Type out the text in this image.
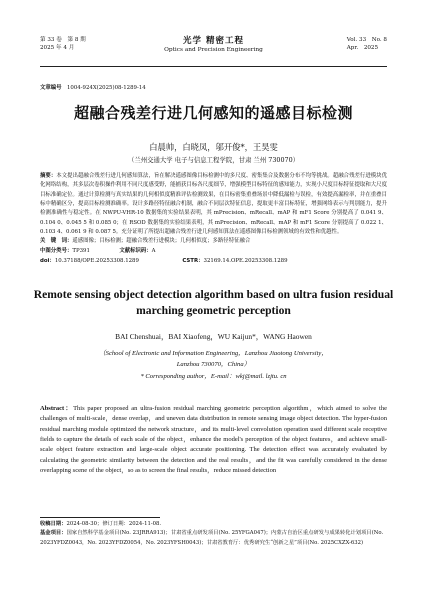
第 33 卷　第 8 期
2025 年 4 月
光学 精密工程
Optics and Precision Engineering
Vol. 33　No. 8
Apr.　2025
文章编号　 1004-924X(2025)08-1289-14
超融合残差行进几何感知的遥感目标检测
白晨帅，白晓凤，邬开俊*，王昊雯
（兰州交通大学 电子与信息工程学院，甘肃 兰州 730070）
摘要：本文提出超融合残差行进几何感知算法，旨在解决遥感图像目标检测中的多尺度、密集集合及数据分布不均等挑战。超融合残差行进模块优化网络结构，其多层次卷积操作利用不同尺度感受野，能捕获目标各尺度细节，增强模型目标特征的感知能力，实现小尺度目标特征提取和大尺度目标准确定位。通过计算检测与真实结果的几何相似度精准评估检测效果，在目标密集重叠场景中降低漏检与误检，有效提高漏检率，并在重叠目标中精确区分，提高目标检测准确率。设计多路径特征融合机制，融合不同层次特征信息，提取更丰富目标特征，增强网络表示与判别能力，提升检测准确性与稳定性。在 NWPU-VHR-10 数据集的实验结果表明，其 mPrecision、mRecall、mAP 和 mF1 Score 分别提高了 0.041 9、0.104 0、0.045 5 和 0.085 0；在 RSOD 数据集的实验结果表明，其 mPrecision、mRecall、mAP 和 mF1 Score 分别提高了 0.022 1、0.103 4、0.061 9 和 0.087 5。充分证明了所提出超融合残差行进几何感知算法在遥感图像目标检测领域的有效性和优越性。
关　键　词：遥感图像；目标检测；超融合残差行进模块；几何相似度；多路径特征融合
中图分类号：TP391	文献标识码：A
doi：10.37188/OPE.20253308.1289	CSTR：32169.14.OPE.20253308.1289
Remote sensing object detection algorithm based on ultra fusion residual marching geometric perception
BAI Chenshuai，BAI Xiaofeng，WU Kaijun*，WANG Haowen
（School of Electronic and Information Engineering，Lanzhou Jiaotong University，
Lanzhou 730070，China）
* Corresponding author，E-mail：wkj@mail. lzjtu. cn
Abstract：This paper proposed an ultra-fusion residual marching geometric perception algorithm，which aimed to solve the challenges of multi-scale，dense overlap，and uneven data distribution in remote sensing image object detection. The hyper-fusion residual marching module optimized the network structure，and its multi-level convolution operation used different scale receptive fields to capture the details of each scale of the object，enhance the model's perception of the object features，and achieve small-scale object feature extraction and large-scale object accurate positioning. The detection effect was accurately evaluated by calculating the geometric similarity between the detection and the real results，and the fit was carefully considered in the dense overlapping scene of the object，so as to screen the final results，reduce missed detection
收稿日期：2024-08-30；修订日期：2024-11-08.
基金项目：国家自然科学基金项目(No. 23JRRA913)；甘肃省重点研发项目(No. 25YFGA047)；内蒙古自治区重点研发与成果转化计划项目(No. 2023YFDZ0043，No. 2023YFDZ0054，No. 2023YFSH0043)；甘肃省教育厅：优秀研究生“创新之星”项目(No. 2025CXZX-632)
